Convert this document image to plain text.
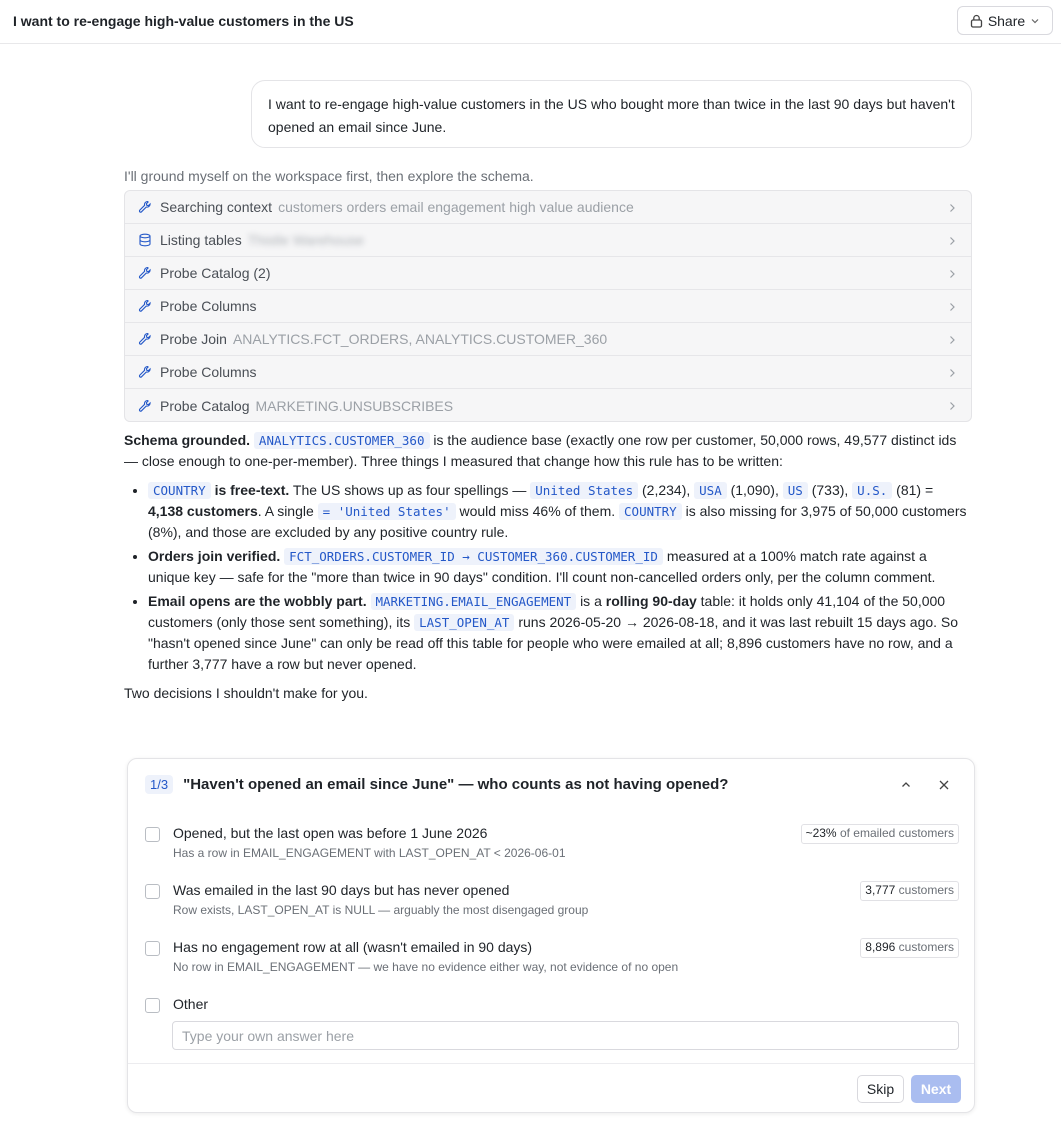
I want to re-engage high-value customers in the US	Share
I want to re-engage high-value customers in the US who bought more than twice in the last 90 days but haven't opened an email since June.
I'll ground myself on the workspace first, then explore the schema.
Searching context customers orders email engagement high value audience
Listing tables Thistle Warehouse
Probe Catalog (2)
Probe Columns
Probe Join ANALYTICS.FCT_ORDERS, ANALYTICS.CUSTOMER_360
Probe Columns
Probe Catalog MARKETING.UNSUBSCRIBES

Schema grounded. ANALYTICS.CUSTOMER_360 is the audience base (exactly one row per customer, 50,000 rows, 49,577 distinct ids — close enough to one-per-member). Three things I measured that change how this rule has to be written:

• COUNTRY is free-text. The US shows up as four spellings — United States (2,234), USA (1,090), US (733), U.S. (81) = 4,138 customers. A single = 'United States' would miss 46% of them. COUNTRY is also missing for 3,975 of 50,000 customers (8%), and those are excluded by any positive country rule.
• Orders join verified. FCT_ORDERS.CUSTOMER_ID → CUSTOMER_360.CUSTOMER_ID measured at a 100% match rate against a unique key — safe for the "more than twice in 90 days" condition. I'll count non-cancelled orders only, per the column comment.
• Email opens are the wobbly part. MARKETING.EMAIL_ENGAGEMENT is a rolling 90-day table: it holds only 41,104 of the 50,000 customers (only those sent something), its LAST_OPEN_AT runs 2026-05-20 → 2026-08-18, and it was last rebuilt 15 days ago. So "hasn't opened since June" can only be read off this table for people who were emailed at all; 8,896 customers have no row, and a further 3,777 have a row but never opened.

Two decisions I shouldn't make for you.

1/3	"Haven't opened an email since June" — who counts as not having opened?
Opened, but the last open was before 1 June 2026
Has a row in EMAIL_ENGAGEMENT with LAST_OPEN_AT < 2026-06-01
~23% of emailed customers
Was emailed in the last 90 days but has never opened
Row exists, LAST_OPEN_AT is NULL — arguably the most disengaged group
3,777 customers
Has no engagement row at all (wasn't emailed in 90 days)
No row in EMAIL_ENGAGEMENT — we have no evidence either way, not evidence of no open
8,896 customers
Other
Type your own answer here
Skip	Next
